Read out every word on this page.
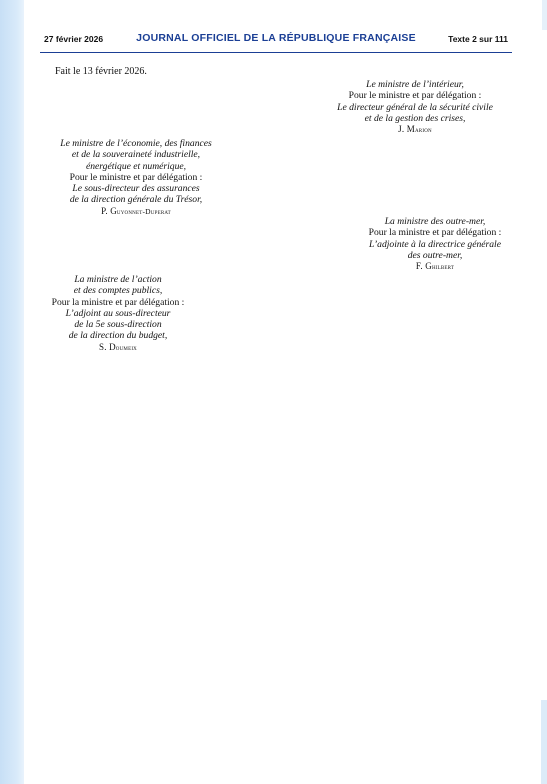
27 février 2026	JOURNAL OFFICIEL DE LA RÉPUBLIQUE FRANÇAISE	Texte 2 sur 111
Fait le 13 février 2026.
Le ministre de l’intérieur,
Pour le ministre et par délégation :
Le directeur général de la sécurité civile
et de la gestion des crises,
J. Marion
Le ministre de l’économie, des finances
et de la souveraineté industrielle,
énergétique et numérique,
Pour le ministre et par délégation :
Le sous-directeur des assurances
de la direction générale du Trésor,
P. Guyonnet-Duperat
La ministre des outre-mer,
Pour la ministre et par délégation :
L’adjointe à la directrice générale
des outre-mer,
F. Ghilbert
La ministre de l’action
et des comptes publics,
Pour la ministre et par délégation :
L’adjoint au sous-directeur
de la 5e sous-direction
de la direction du budget,
S. Doumeix
